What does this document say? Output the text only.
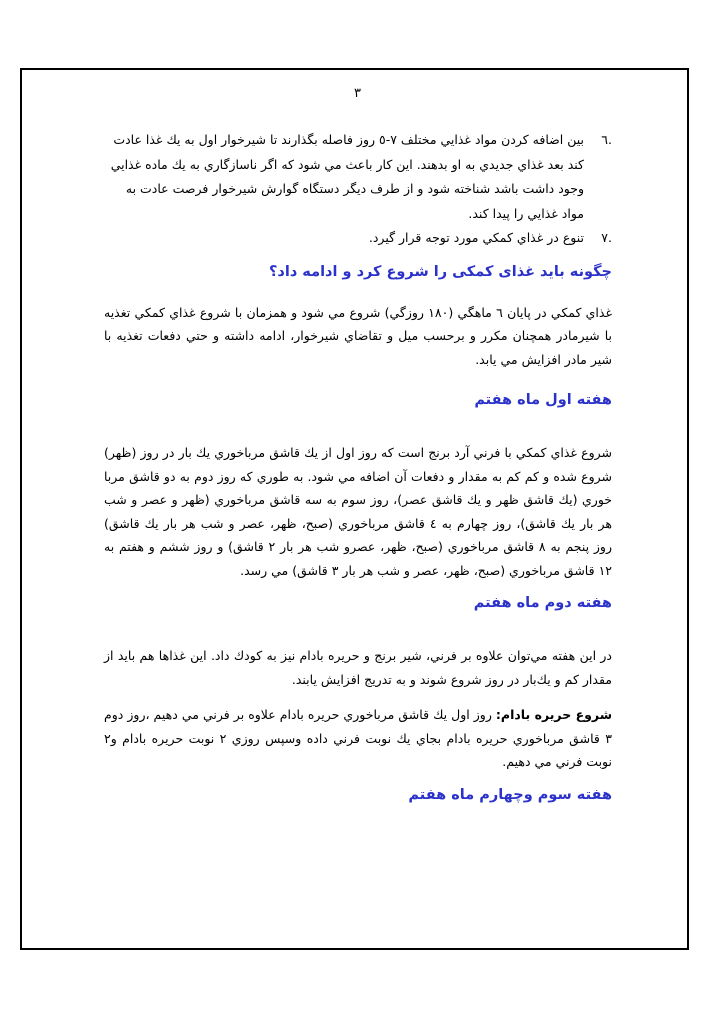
٣
.٦
بين اضافه كردن مواد غذايي مختلف ٧-٥ روز فاصله بگذارند تا شيرخوار اول به يك غذا عادت كند بعد غذاي جديدي به او بدهند. اين كار باعث مي شود كه اگر ناسازگاري به يك ماده غذايي وجود داشت باشد شناخته شود و از طرف ديگر دستگاه گوارش شيرخوار فرصت عادت به مواد غذايي را پيدا كند.
.٧
تنوع در غذاي كمكي مورد توجه قرار گيرد.
چگونه باید غذای کمکی را شروع کرد و ادامه داد؟

غذاي كمكي در پايان ٦ ماهگي (١٨٠ روزگي) شروع مي شود و همزمان با شروع غذاي كمكي تغذيه با شيرمادر همچنان مكرر و برحسب ميل و تقاضاي شيرخوار، ادامه داشته و حتي دفعات تغذيه با شير مادر افزايش مي يابد.

هفته اول ماه هفتم

شروع غذاي كمكي با فرني آرد برنج است كه روز اول از يك قاشق مرباخوري يك بار در روز (ظهر) شروع شده و كم كم به مقدار و دفعات آن اضافه مي شود. به طوري كه روز دوم به دو قاشق مربا خوري (يك قاشق ظهر و يك قاشق عصر)، روز سوم به سه قاشق مرباخوري (ظهر و عصر و شب هر بار يك قاشق)، روز چهارم به ٤ قاشق مرباخوري (صبح، ظهر، عصر و شب هر بار يك قاشق) روز پنجم به ٨ قاشق مرباخوري (صبح، ظهر، عصرو شب هر بار ٢ قاشق) و روز ششم و هفتم به ١٢ قاشق مرباخوري (صبح، ظهر، عصر و شب هر بار ٣ قاشق) مي رسد.

هفته دوم ماه هفتم

در اين هفته مي‌توان علاوه بر فرني، شير برنج و حريره بادام نيز به كودك داد. اين غذاها هم بايد از مقدار كم و يك‌بار در روز شروع شوند و به تدريج افزايش يابند.

شروع حريره بادام: روز اول يك قاشق مرباخوري حريره بادام علاوه بر فرني مي دهيم ،روز دوم ٣ قاشق مرباخوري حريره بادام بجاي يك نوبت فرني داده وسپس روزي ٢ نوبت حريره بادام و٢ نوبت فرني مي دهيم.

هفته سوم وچهارم ماه هفتم
